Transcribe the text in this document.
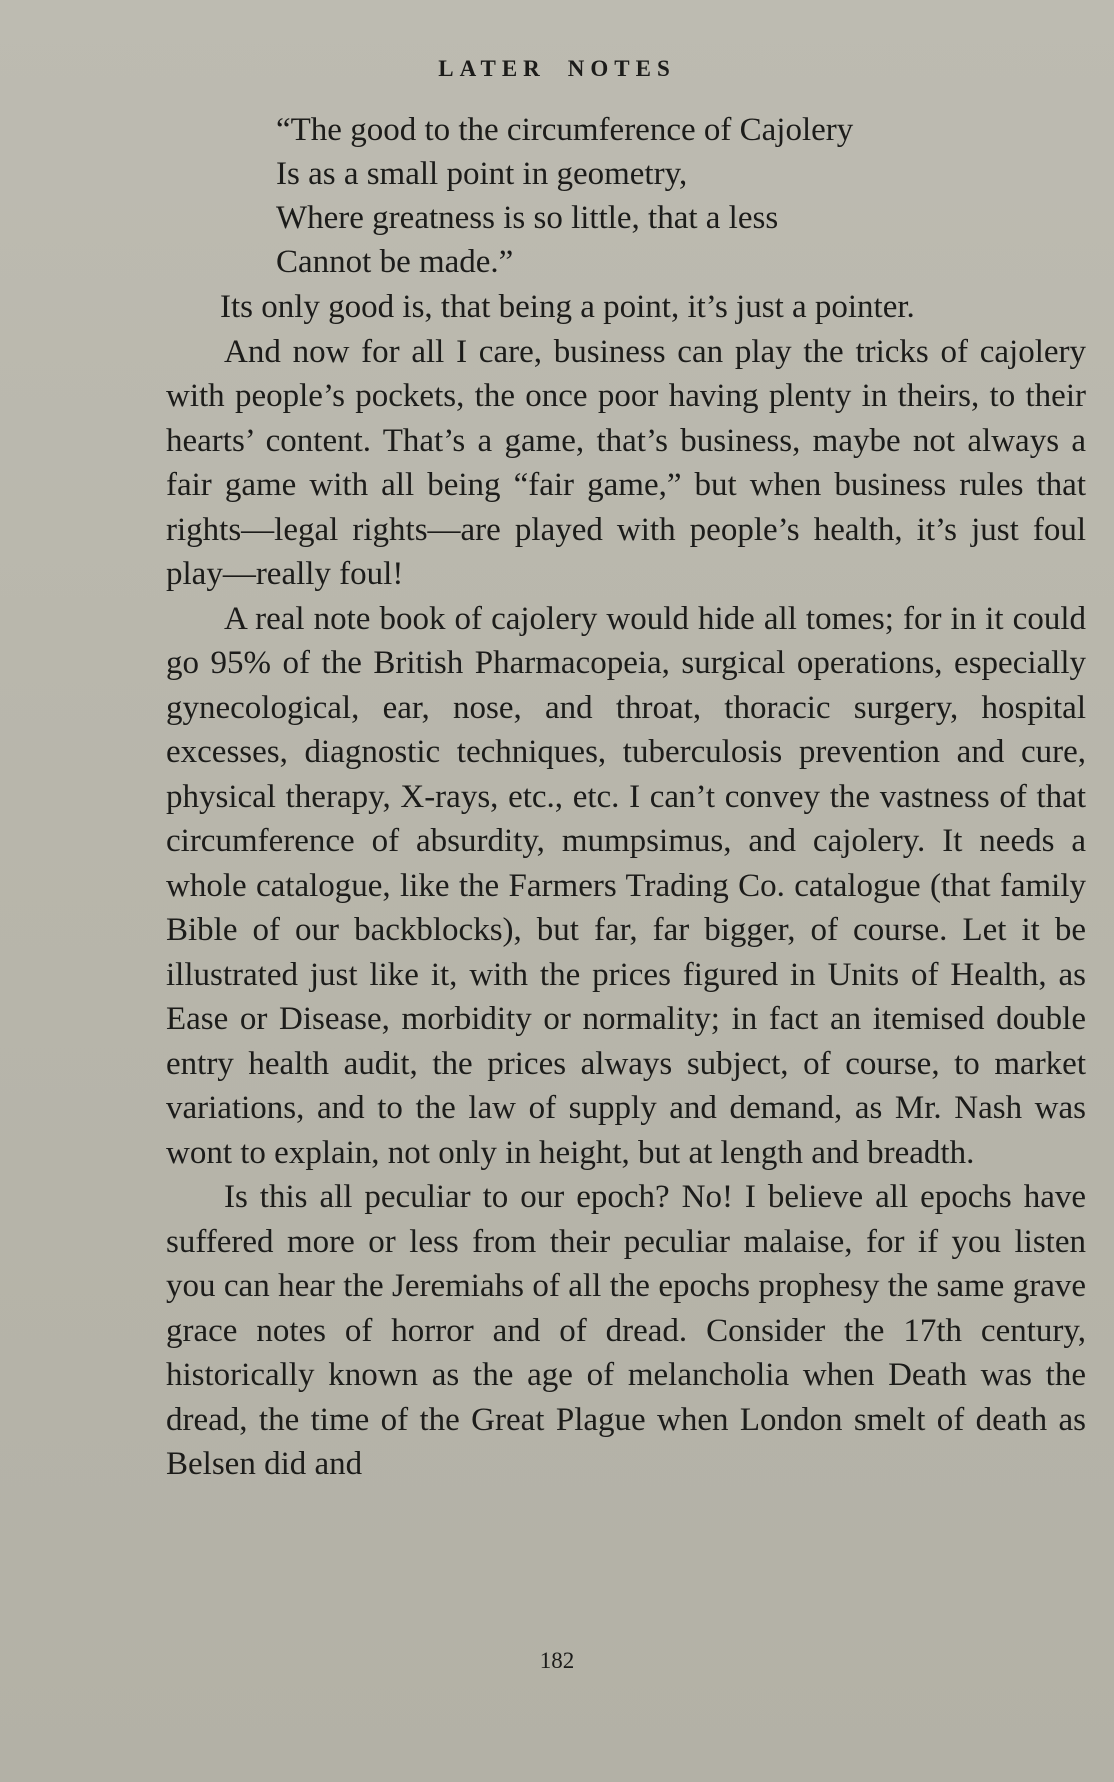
LATER NOTES
“The good to the circumference of Cajolery
Is as a small point in geometry,
Where greatness is so little, that a less
Cannot be made.”

Its only good is, that being a point, it’s just a pointer.

And now for all I care, business can play the tricks of cajolery with people’s pockets, the once poor having plenty in theirs, to their hearts’ content. That’s a game, that’s business, maybe not always a fair game with all being “fair game,” but when business rules that rights—legal rights—are played with people’s health, it’s just foul play—really foul!

A real note book of cajolery would hide all tomes; for in it could go 95% of the British Pharmacopeia, surgical operations, especially gynecological, ear, nose, and throat, thoracic surgery, hospital excesses, diagnostic techniques, tuberculosis prevention and cure, physical therapy, X-rays, etc., etc. I can’t convey the vastness of that circumference of absurdity, mumpsimus, and cajolery. It needs a whole catalogue, like the Farmers Trading Co. catalogue (that family Bible of our backblocks), but far, far bigger, of course. Let it be illustrated just like it, with the prices figured in Units of Health, as Ease or Disease, morbidity or normality; in fact an itemised double entry health audit, the prices always subject, of course, to market variations, and to the law of supply and demand, as Mr. Nash was wont to explain, not only in height, but at length and breadth.

Is this all peculiar to our epoch? No! I believe all epochs have suffered more or less from their peculiar malaise, for if you listen you can hear the Jeremiahs of all the epochs prophesy the same grave grace notes of horror and of dread. Consider the 17th century, historically known as the age of melancholia when Death was the dread, the time of the Great Plague when London smelt of death as Belsen did and

182
